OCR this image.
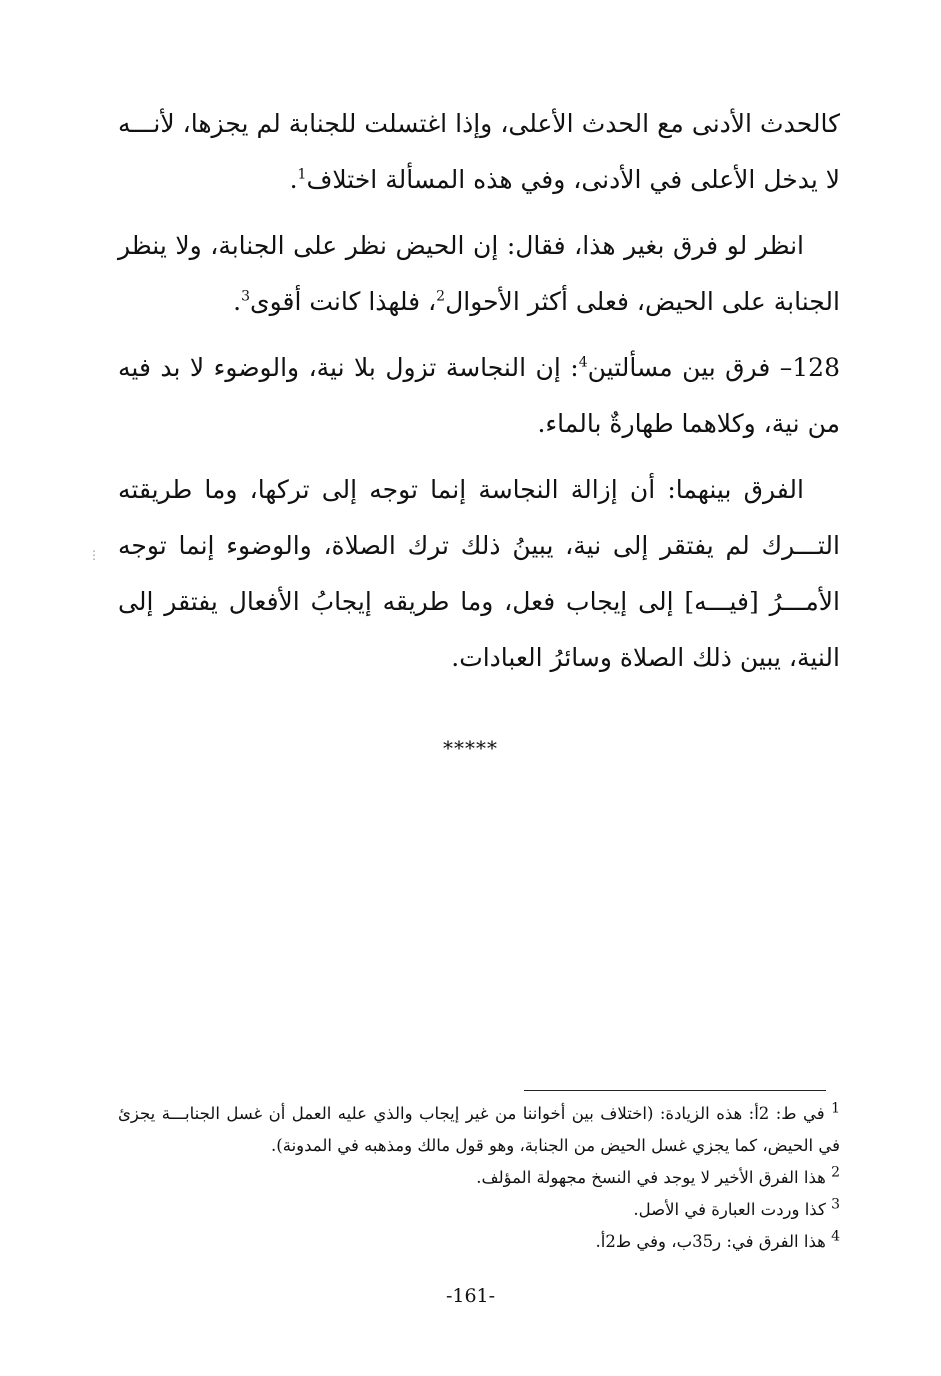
⋮

كالحدث الأدنى مع الحدث الأعلى، وإذا اغتسلت للجنابة لم يجزها، لأنـــه لا يدخل الأعلى في الأدنى، وفي هذه المسألة اختلاف$^1$.

انظر لو فرق بغير هذا، فقال: إن الحيض نظر على الجنابة، ولا ينظر الجنابة على الحيض، فعلى أكثر الأحوال$^2$، فلهذا كانت أقوى$^3$.

128– فرق بين مسألتين$^4$: إن النجاسة تزول بلا نية، والوضوء لا بد فيه من نية، وكلاهما طهارةٌ بالماء.

الفرق بينهما: أن إزالة النجاسة إنما توجه إلى تركها، وما طريقته التـــرك لم يفتقر إلى نية، يبينُ ذلك ترك الصلاة، والوضوء إنما توجه الأمـــرُ [فيـــه] إلى إيجاب فعل، وما طريقه إيجابُ الأفعال يفتقر إلى النية، يبين ذلك الصلاة وسائرُ العبادات.

*****

$^1$ في ط: 2أ: هذه الزيادة: (اختلاف بين أخواننا من غير إيجاب والذي عليه العمل أن غسل الجنابـــة يجزئ في الحيض، كما يجزي غسل الحيض من الجنابة، وهو قول مالك ومذهبه في المدونة).

$^2$ هذا الفرق الأخير لا يوجد في النسخ مجهولة المؤلف.

$^3$ كذا وردت العبارة في الأصل.

$^4$ هذا الفرق في: ر35ب، وفي ط2أ.

-161-
